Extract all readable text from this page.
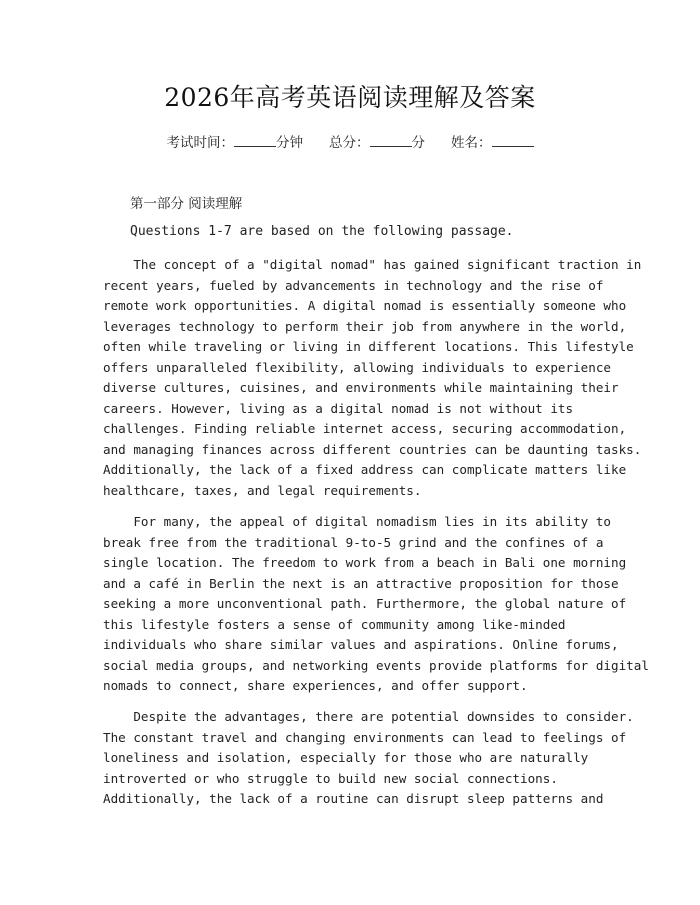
2026年高考英语阅读理解及答案
考试时间：	分钟 总分：	分 姓名：
第一部分 阅读理解
Questions 1-7 are based on the following passage.
The concept of a "digital nomad" has gained significant traction in
recent years, fueled by advancements in technology and the rise of
remote work opportunities. A digital nomad is essentially someone who
leverages technology to perform their job from anywhere in the world,
often while traveling or living in different locations. This lifestyle
offers unparalleled flexibility, allowing individuals to experience
diverse cultures, cuisines, and environments while maintaining their
careers. However, living as a digital nomad is not without its
challenges. Finding reliable internet access, securing accommodation,
and managing finances across different countries can be daunting tasks.
Additionally, the lack of a fixed address can complicate matters like
healthcare, taxes, and legal requirements.
For many, the appeal of digital nomadism lies in its ability to
break free from the traditional 9-to-5 grind and the confines of a
single location. The freedom to work from a beach in Bali one morning
and a café in Berlin the next is an attractive proposition for those
seeking a more unconventional path. Furthermore, the global nature of
this lifestyle fosters a sense of community among like-minded
individuals who share similar values and aspirations. Online forums,
social media groups, and networking events provide platforms for digital
nomads to connect, share experiences, and offer support.
Despite the advantages, there are potential downsides to consider.
The constant travel and changing environments can lead to feelings of
loneliness and isolation, especially for those who are naturally
introverted or who struggle to build new social connections.
Additionally, the lack of a routine can disrupt sleep patterns and
